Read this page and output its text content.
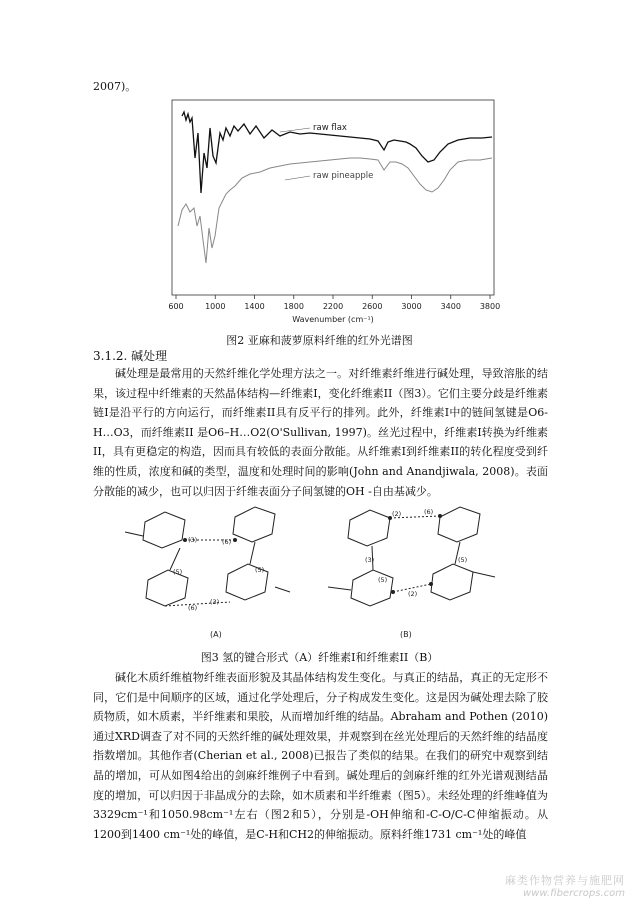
2007)。
raw flax
raw pineapple
600	1000 1400 1800 2200 2600 3000 3400 3800
Wavenumber (cm⁻¹)
图2 亚麻和菠萝原料纤维的红外光谱图
3.1.2. 碱处理

碱处理是最常用的天然纤维化学处理方法之一。对纤维素纤维进行碱处理，导致溶胀的结果，该过程中纤维素的天然晶体结构—纤维素Ⅰ，变化纤维素II（图3）。它们主要分歧是纤维素链Ⅰ是沿平行的方向运行，而纤维素II具有反平行的排列。此外，纤维素Ⅰ中的链间氢键是O6-H…O3，而纤维素II 是O6–H…O2(O'Sullivan, 1997)。丝光过程中，纤维素Ⅰ转换为纤维素II，具有更稳定的构造，因而具有较低的表面分散能。从纤维素Ⅰ到纤维素II的转化程度受到纤维的性质，浓度和碱的类型，温度和处理时间的影响(John and Anandjiwala, 2008)。表面分散能的减少，也可以归因于纤维表面分子间氢键的OH -自由基减少。

(3)	(6)
(5)	(5)
(6)
(3)
(2)	(6)
(3)
(5)
(2)
(5)
(A)	(B)
图3 氢的键合形式（A）纤维素Ⅰ和纤维素II（B）

碱化木质纤维植物纤维表面形貌及其晶体结构发生变化。与真正的结晶，真正的无定形不同，它们是中间顺序的区域，通过化学处理后，分子构成发生变化。这是因为碱处理去除了胶质物质，如木质素，半纤维素和果胶，从而增加纤维的结晶。Abraham and Pothen (2010) 通过XRD调查了对不同的天然纤维的碱处理效果，并观察到在丝光处理后的天然纤维的结晶度指数增加。其他作者(Cherian et al., 2008)已报告了类似的结果。在我们的研究中观察到结晶的增加，可从如图4给出的剑麻纤维例子中看到。碱处理后的剑麻纤维的红外光谱观测结晶度的增加，可以归因于非晶成分的去除，如木质素和半纤维素（图5）。未经处理的纤维峰值为3329cm⁻¹和1050.98cm⁻¹左右（图2和5），分别是-OH伸缩和-C-O/C-C伸缩振动。从1200到1400 cm⁻¹处的峰值，是C-H和CH2的伸缩振动。原料纤维1731 cm⁻¹处的峰值

麻类作物营养与施肥网
www.fibercrops.com
